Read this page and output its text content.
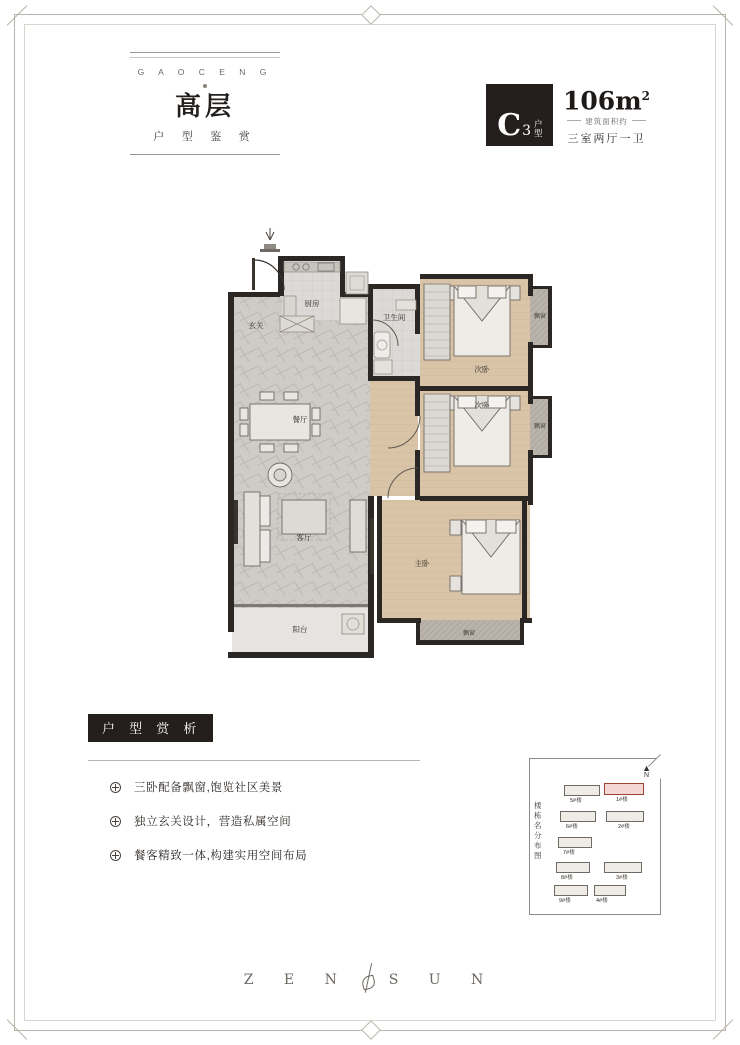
G A O C E N G
高层
户 型 鉴 赏	C 3 户型
$106m^2$
建筑面积约
三室两厅一卫
厨房
玄关
卫生间
餐厅
客厅
阳台
次卧
次卧
主卧
飘窗
飘窗
飘窗
户 型 赏 析
三卧配备飘窗,饱览社区美景
独立玄关设计，营造私属空间
餐客精致一体,构建实用空间布局
楼 栋 名 分 布 图
▲
N
5#楼
6#楼
7#楼
8#楼
9#楼
1#楼
2#楼
3#楼
4#楼
Z E N	S U N
